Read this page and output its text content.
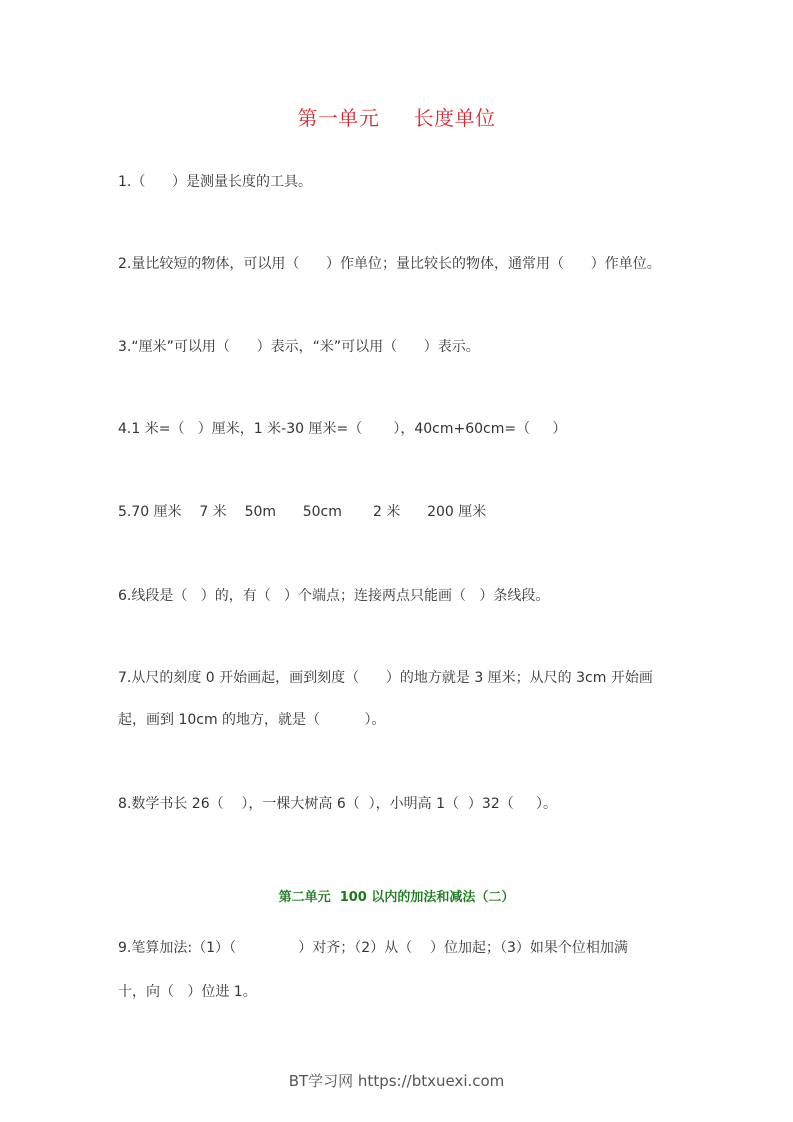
第一单元     长度单位
1.（      ）是测量长度的工具。
2.量比较短的物体，可以用（      ）作单位；量比较长的物体，通常用（      ）作单位。
3.“厘米”可以用（      ）表示，“米”可以用（      ）表示。
4.1 米=（   ）厘米，1 米-30 厘米=（       ），40cm+60cm=（     ）
5.70 厘米    7 米    50m      50cm       2 米      200 厘米
6.线段是（   ）的，有（   ）个端点；连接两点只能画（   ）条线段。
7.从尺的刻度 0 开始画起，画到刻度（      ）的地方就是 3 厘米；从尺的 3cm 开始画
起，画到 10cm 的地方，就是（          ）。
8.数学书长 26（    ），一棵大树高 6（  ），小明高 1（  ）32（     ）。
第二单元  100 以内的加法和减法（二）
9.笔算加法:（1）（              ）对齐；（2）从（    ）位加起；（3）如果个位相加满
十，向（   ）位进 1。
BT学习网 https://btxuexi.com
